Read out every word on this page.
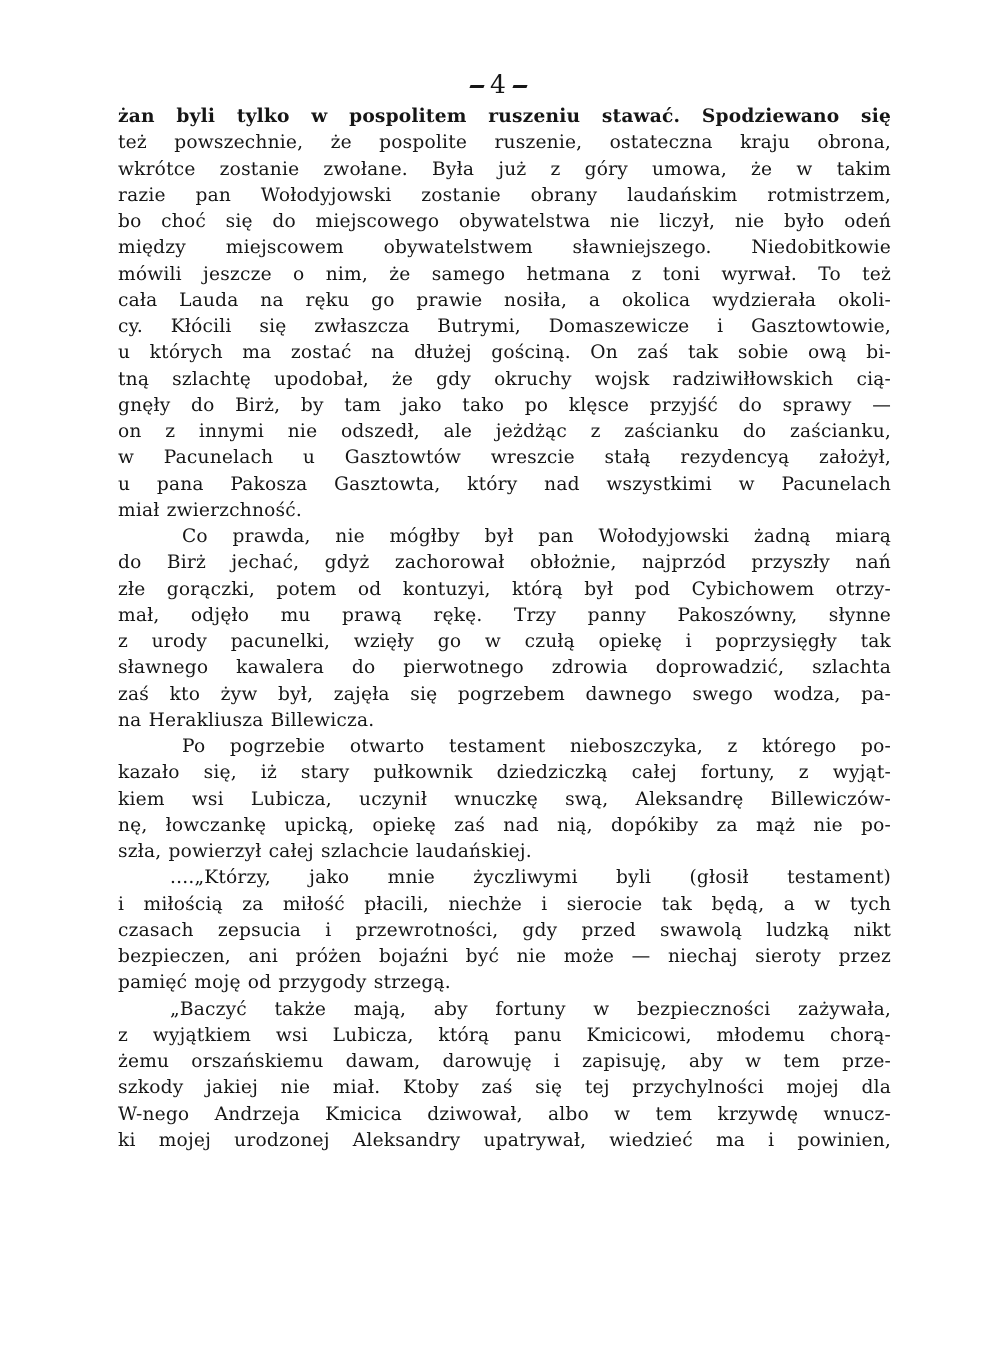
4
żan byli tylko w pospolitem ruszeniu stawać. Spodziewano się
też powszechnie, że pospolite ruszenie, ostateczna kraju obrona,
wkrótce zostanie zwołane. Była już z góry umowa, że w takim
razie pan Wołodyjowski zostanie obrany laudańskim rotmistrzem,
bo choć się do miejscowego obywatelstwa nie liczył, nie było odeń
między miejscowem obywatelstwem sławniejszego. Niedobitkowie
mówili jeszcze o nim, że samego hetmana z toni wyrwał. To też
cała Lauda na ręku go prawie nosiła, a okolica wydzierała okoli-
cy. Kłócili się zwłaszcza Butrymi, Domaszewicze i Gasztowtowie,
u których ma zostać na dłużej gościną. On zaś tak sobie ową bi-
tną szlachtę upodobał, że gdy okruchy wojsk radziwiłłowskich cią-
gnęły do Birż, by tam jako tako po klęsce przyjść do sprawy —
on z innymi nie odszedł, ale jeżdżąc z zaścianku do zaścianku,
w Pacunelach u Gasztowtów wreszcie stałą rezydencyą założył,
u pana Pakosza Gasztowta, który nad wszystkimi w Pacunelach
miał zwierzchność.
Co prawda, nie mógłby był pan Wołodyjowski żadną miarą
do Birż jechać, gdyż zachorował obłożnie, najprzód przyszły nań
złe gorączki, potem od kontuzyi, którą był pod Cybichowem otrzy-
mał, odjęło mu prawą rękę. Trzy panny Pakoszówny, słynne
z urody pacunelki, wzięły go w czułą opiekę i poprzysięgły tak
sławnego kawalera do pierwotnego zdrowia doprowadzić, szlachta
zaś kto żyw był, zajęła się pogrzebem dawnego swego wodza, pa-
na Herakliusza Billewicza.
Po pogrzebie otwarto testament nieboszczyka, z którego po-
kazało się, iż stary pułkownik dziedziczką całej fortuny, z wyjąt-
kiem wsi Lubicza, uczynił wnuczkę swą, Aleksandrę Billewiczów-
nę, łowczankę upicką, opiekę zaś nad nią, dopókiby za mąż nie po-
szła, powierzył całej szlachcie laudańskiej.
....„Którzy, jako mnie życzliwymi byli (głosił testament)
i miłością za miłość płacili, niechże i sierocie tak będą, a w tych
czasach zepsucia i przewrotności, gdy przed swawolą ludzką nikt
bezpieczen, ani próżen bojaźni być nie może — niechaj sieroty przez
pamięć moję od przygody strzegą.
„Baczyć także mają, aby fortuny w bezpieczności zażywała,
z wyjątkiem wsi Lubicza, którą panu Kmicicowi, młodemu chorą-
żemu orszańskiemu dawam, darowuję i zapisuję, aby w tem prze-
szkody jakiej nie miał. Ktoby zaś się tej przychylności mojej dla
W-nego Andrzeja Kmicica dziwował, albo w tem krzywdę wnucz-
ki mojej urodzonej Aleksandry upatrywał, wiedzieć ma i powinien,
